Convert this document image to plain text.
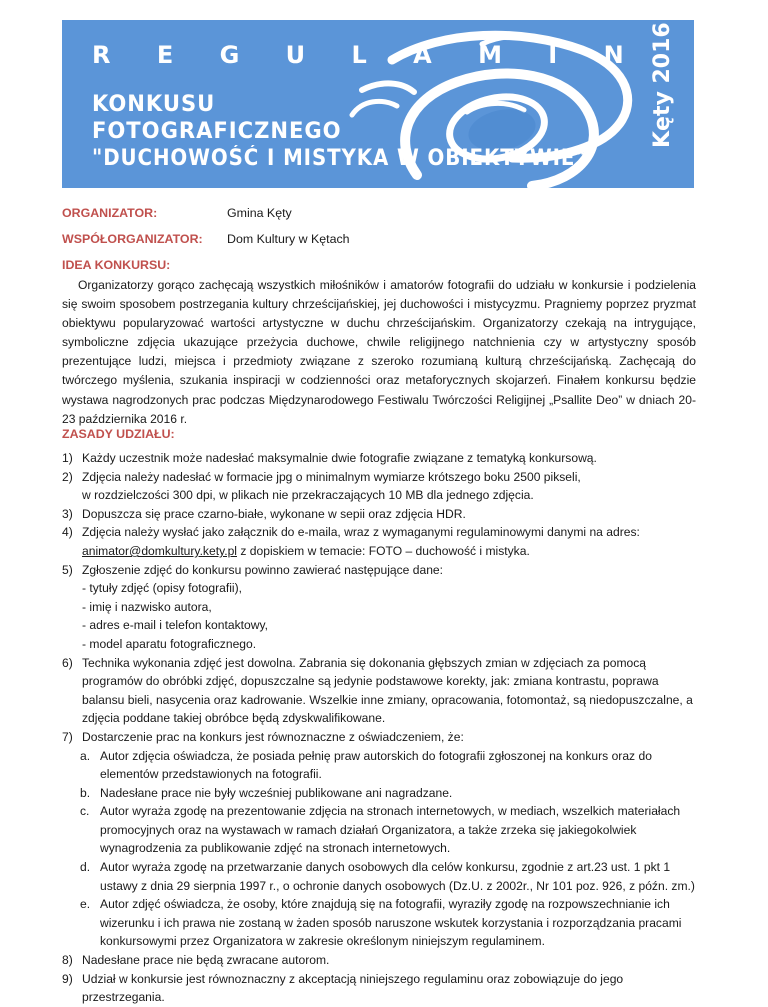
R E G U L A M I N
KONKUSU
FOTOGRAFICZNEGO
"DUCHOWOŚĆ I MISTYKA W OBIEKTYWIE"
Kęty 2016
ORGANIZATOR:	Gmina Kęty
WSPÓŁORGANIZATOR: Dom Kultury w Kętach
IDEA KONKURSU:

Organizatorzy gorąco zachęcają wszystkich miłośników i amatorów fotografii do udziału w konkursie i podzielenia się swoim sposobem postrzegania kultury chrześcijańskiej, jej duchowości i mistycyzmu. Pragniemy poprzez pryzmat obiektywu popularyzować wartości artystyczne w duchu chrześcijańskim. Organizatorzy czekają na intrygujące, symboliczne zdjęcia ukazujące przeżycia duchowe, chwile religijnego natchnienia czy w artystyczny sposób prezentujące ludzi, miejsca i przedmioty związane z szeroko rozumianą kulturą chrześcijańską. Zachęcają do twórczego myślenia, szukania inspiracji w codzienności oraz metaforycznych skojarzeń. Finałem konkursu będzie wystawa nagrodzonych prac podczas Międzynarodowego Festiwalu Twórczości Religijnej „Psallite Deo” w dniach 20-23 października 2016 r.

ZASADY UDZIAŁU:
1) Każdy uczestnik może nadesłać maksymalnie dwie fotografie związane z tematyką konkursową.
2) Zdjęcia należy nadesłać w formacie jpg o minimalnym wymiarze krótszego boku 2500 pikseli,
w rozdzielczości 300 dpi, w plikach nie przekraczających 10 MB dla jednego zdjęcia.
3) Dopuszcza się prace czarno-białe, wykonane w sepii oraz zdjęcia HDR.
4) Zdjęcia należy wysłać jako załącznik do e-maila, wraz z wymaganymi regulaminowymi danymi na adres:
animator@domkultury.kety.pl z dopiskiem w temacie: FOTO – duchowość i mistyka.
5) Zgłoszenie zdjęć do konkursu powinno zawierać następujące dane:
- tytuły zdjęć (opisy fotografii),
- imię i nazwisko autora,
- adres e-mail i telefon kontaktowy,
- model aparatu fotograficznego.
6) Technika wykonania zdjęć jest dowolna. Zabrania się dokonania głębszych zmian w zdjęciach za pomocą programów do obróbki zdjęć, dopuszczalne są jedynie podstawowe korekty, jak: zmiana kontrastu, poprawa balansu bieli, nasycenia oraz kadrowanie. Wszelkie inne zmiany, opracowania, fotomontaż, są niedopuszczalne, a zdjęcia poddane takiej obróbce będą zdyskwalifikowane.
7) Dostarczenie prac na konkurs jest równoznaczne z oświadczeniem, że:
a. Autor zdjęcia oświadcza, że posiada pełnię praw autorskich do fotografii zgłoszonej na konkurs oraz do elementów przedstawionych na fotografii.
b. Nadesłane prace nie były wcześniej publikowane ani nagradzane.
c. Autor wyraża zgodę na prezentowanie zdjęcia na stronach internetowych, w mediach, wszelkich materiałach promocyjnych oraz na wystawach w ramach działań Organizatora, a także zrzeka się jakiegokolwiek wynagrodzenia za publikowanie zdjęć na stronach internetowych.
d. Autor wyraża zgodę na przetwarzanie danych osobowych dla celów konkursu, zgodnie z art.23 ust. 1 pkt 1 ustawy z dnia 29 sierpnia 1997 r., o ochronie danych osobowych (Dz.U. z 2002r., Nr 101 poz. 926, z późn. zm.)
e. Autor zdjęć oświadcza, że osoby, które znajdują się na fotografii, wyraziły zgodę na rozpowszechnianie ich wizerunku i ich prawa nie zostaną w żaden sposób naruszone wskutek korzystania i rozporządzania pracami konkursowymi przez Organizatora w zakresie określonym niniejszym regulaminem.
8) Nadesłane prace nie będą zwracane autorom.
9) Udział w konkursie jest równoznaczny z akceptacją niniejszego regulaminu oraz zobowiązuje do jego przestrzegania.
